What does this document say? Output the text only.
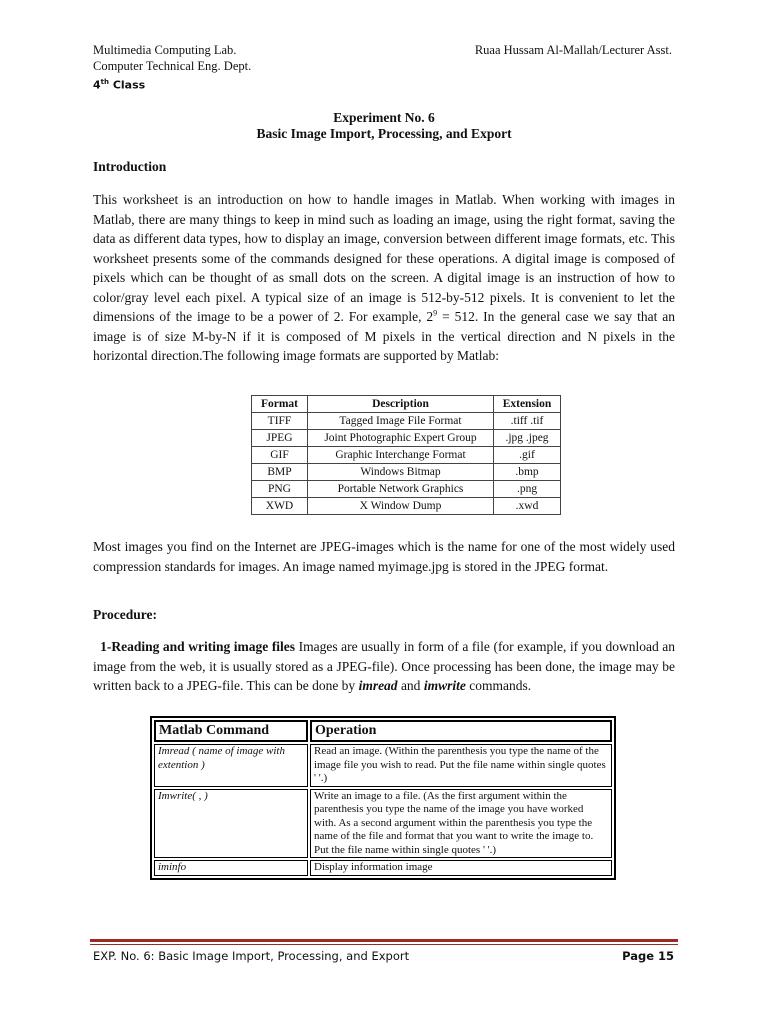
Multimedia Computing Lab.
Computer Technical Eng. Dept.
4th Class
Ruaa Hussam Al-Mallah/Lecturer Asst.
Experiment No. 6
Basic Image Import, Processing, and Export
Introduction

This worksheet is an introduction on how to handle images in Matlab. When working with images in Matlab, there are many things to keep in mind such as loading an image, using the right format, saving the data as different data types, how to display an image, conversion between different image formats, etc. This worksheet presents some of the commands designed for these operations. A digital image is composed of pixels which can be thought of as small dots on the screen. A digital image is an instruction of how to color/gray level each pixel. A typical size of an image is 512-by-512 pixels. It is convenient to let the dimensions of the image to be a power of 2. For example, $2^9 = 512$. In the general case we say that an image is of size M-by-N if it is composed of M pixels in the vertical direction and N pixels in the horizontal direction.The following image formats are supported by Matlab:

Format	Description	Extension
TIFF	Tagged Image File Format	.tiff .tif
JPEG	Joint Photographic Expert Group	.jpg .jpeg
GIF	Graphic Interchange Format	.gif
BMP	Windows Bitmap	.bmp
PNG	Portable Network Graphics	.png
XWD	X Window Dump	.xwd

Most images you find on the Internet are JPEG-images which is the name for one of the most widely used compression standards for images. An image named myimage.jpg is stored in the JPEG format.

Procedure:

1-Reading and writing image files Images are usually in form of a file (for example, if you download an image from the web, it is usually stored as a JPEG-file). Once processing has been done, the image may be written back to a JPEG-file. This can be done by imread and imwrite commands.

Matlab Command	Operation
Imread ( name of image with extention )	Read an image. (Within the parenthesis you type the name of the image file you wish to read. Put the file name within single quotes ' '.)
Imwrite( , )	Write an image to a file. (As the first argument within the parenthesis you type the name of the image you have worked with. As a second argument within the parenthesis you type the name of the file and format that you want to write the image to. Put the file name within single quotes ' '.)
iminfo	Display information image
EXP. No. 6: Basic Image Import, Processing, and Export	Page 15
